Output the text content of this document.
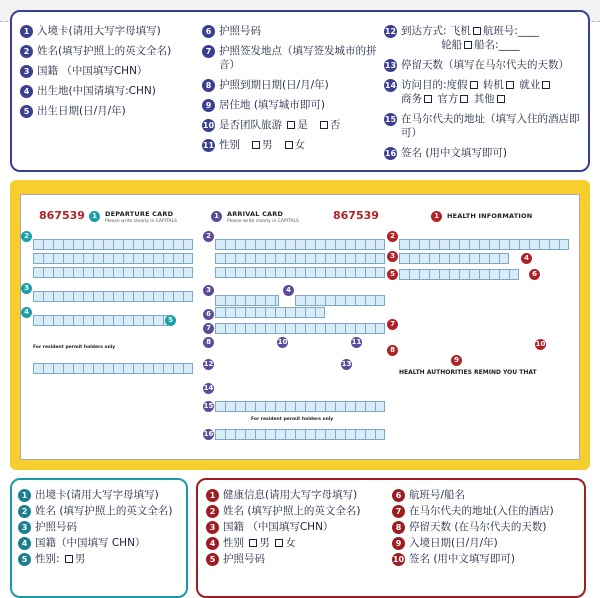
1 入境卡(请用大写字母填写)
2 姓名(填写护照上的英文全名)
3 国籍 （中国填写CHN）
4 出生地(中国请填写:CHN)
5 出生日期(日/月/年)
6 护照号码
7 护照签发地点（填写签发城市的拼音）
8 护照到期日期(日/月/年)
9 居住地 (填写城市即可)
10 是否团队旅游 是 否
11 性别 男 女
12 到达方式: 飞机 航班号:____
轮船 船名:____
13 停留天数（填写在马尔代夫的天数）
14 访问目的:度假 转机 就业
商务 官方 其他
15 在马尔代夫的地址（填写入住的酒店即可）
16 签名 (用中文填写即可)
867539	1	DEPARTURE CARD
Please write clearly in CAPITALS
2
3
4
5
For resident permit holders only
1	ARRIVAL CARD
Please write clearly in CAPITALS	867539
2
3	4
6
7
8	10	11
12	13
14
15
For resident permit holders only
16
1	HEALTH INFORMATION
2
3	4
5	6
7
8
9
10
HEALTH AUTHORITIES REMIND YOU THAT
1 出境卡(请用大写字母填写)
2 姓名 (填写护照上的英文全名)
3 护照号码
4 国籍（中国填写 CHN）
5 性别: 男
1 健康信息(请用大写字母填写)
2 姓名 (填写护照上的英文全名)
3 国籍 （中国填写CHN）
4 性别 男 女
5 护照号码
6 航班号/船名
7 在马尔代夫的地址(入住的酒店)
8 停留天数 (在马尔代夫的天数)
9 入境日期(日/月/年)
10 签名 (用中文填写即可)
